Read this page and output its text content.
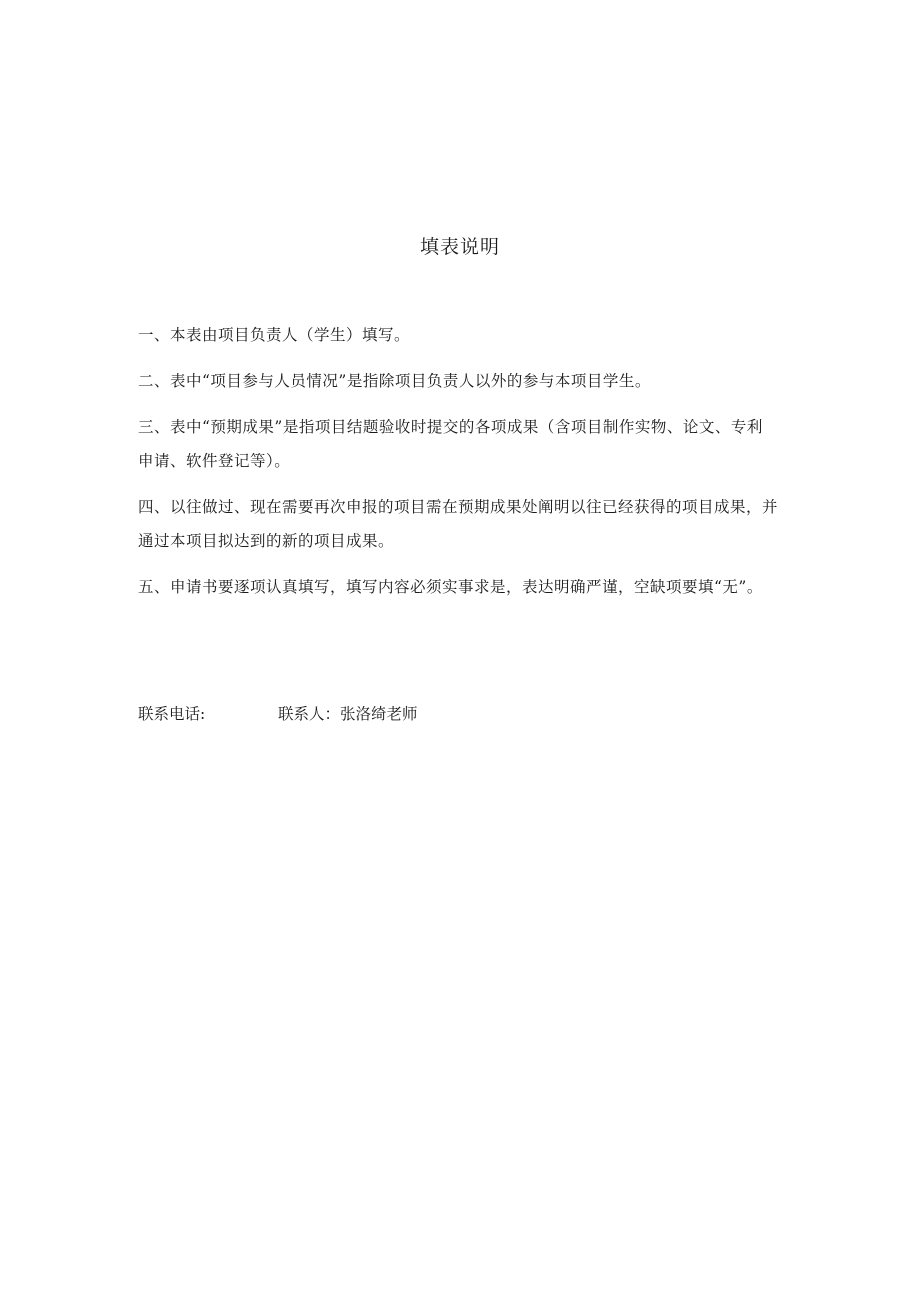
填表说明

一、本表由项目负责人（学生）填写。

二、表中“项目参与人员情况”是指除项目负责人以外的参与本项目学生。

三、表中“预期成果”是指项目结题验收时提交的各项成果（含项目制作实物、论文、专利申请、软件登记等）。

四、以往做过、现在需要再次申报的项目需在预期成果处阐明以往已经获得的项目成果，并通过本项目拟达到的新的项目成果。

五、申请书要逐项认真填写，填写内容必须实事求是，表达明确严谨，空缺项要填“无”。

联系电话:	联系人：张洛绮老师
